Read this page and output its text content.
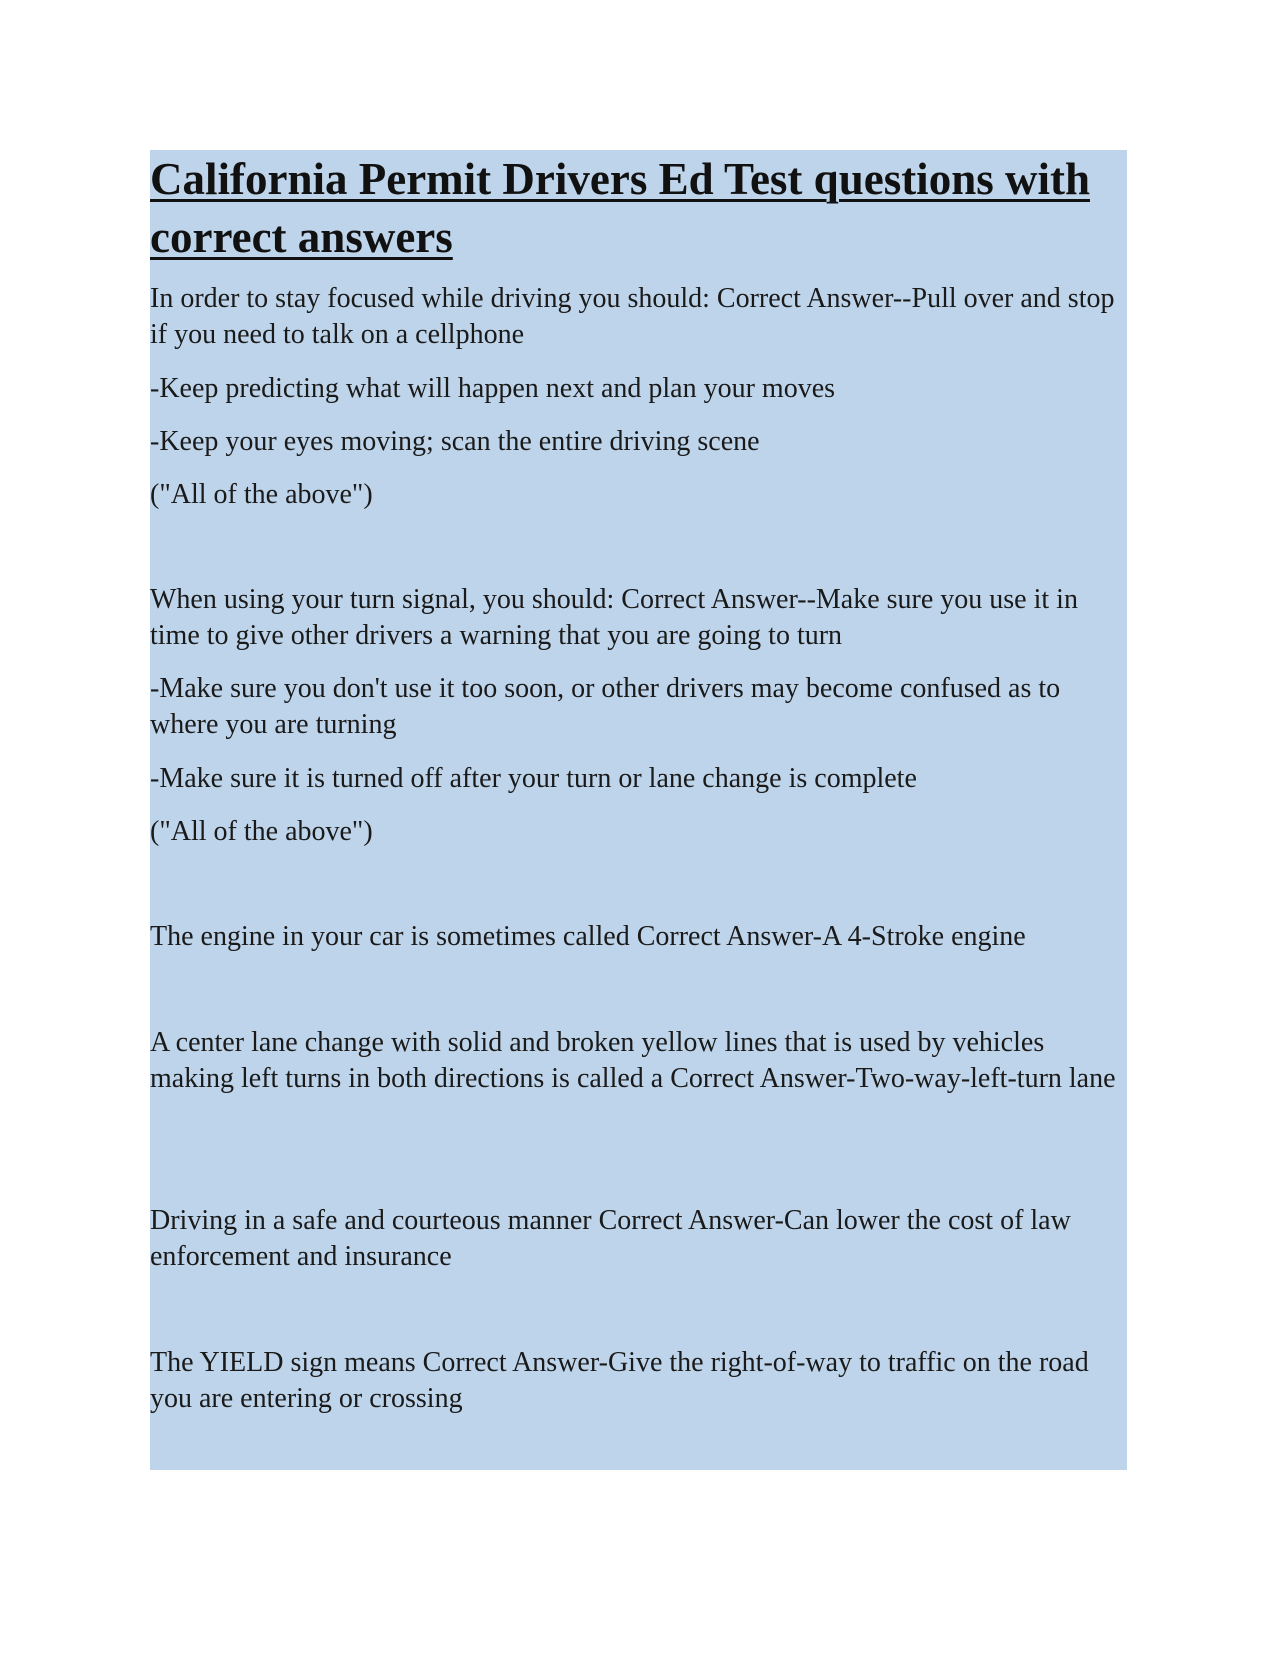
California Permit Drivers Ed Test questions with correct answers

In order to stay focused while driving you should: Correct Answer--Pull over and stop if you need to talk on a cellphone

-Keep predicting what will happen next and plan your moves

-Keep your eyes moving; scan the entire driving scene

("All of the above")

When using your turn signal, you should: Correct Answer--Make sure you use it in time to give other drivers a warning that you are going to turn

-Make sure you don't use it too soon, or other drivers may become confused as to where you are turning

-Make sure it is turned off after your turn or lane change is complete

("All of the above")

The engine in your car is sometimes called Correct Answer-A 4-Stroke engine

A center lane change with solid and broken yellow lines that is used by vehicles making left turns in both directions is called a Correct Answer-Two-way-left-turn lane

Driving in a safe and courteous manner Correct Answer-Can lower the cost of law enforcement and insurance

The YIELD sign means Correct Answer-Give the right-of-way to traffic on the road you are entering or crossing
